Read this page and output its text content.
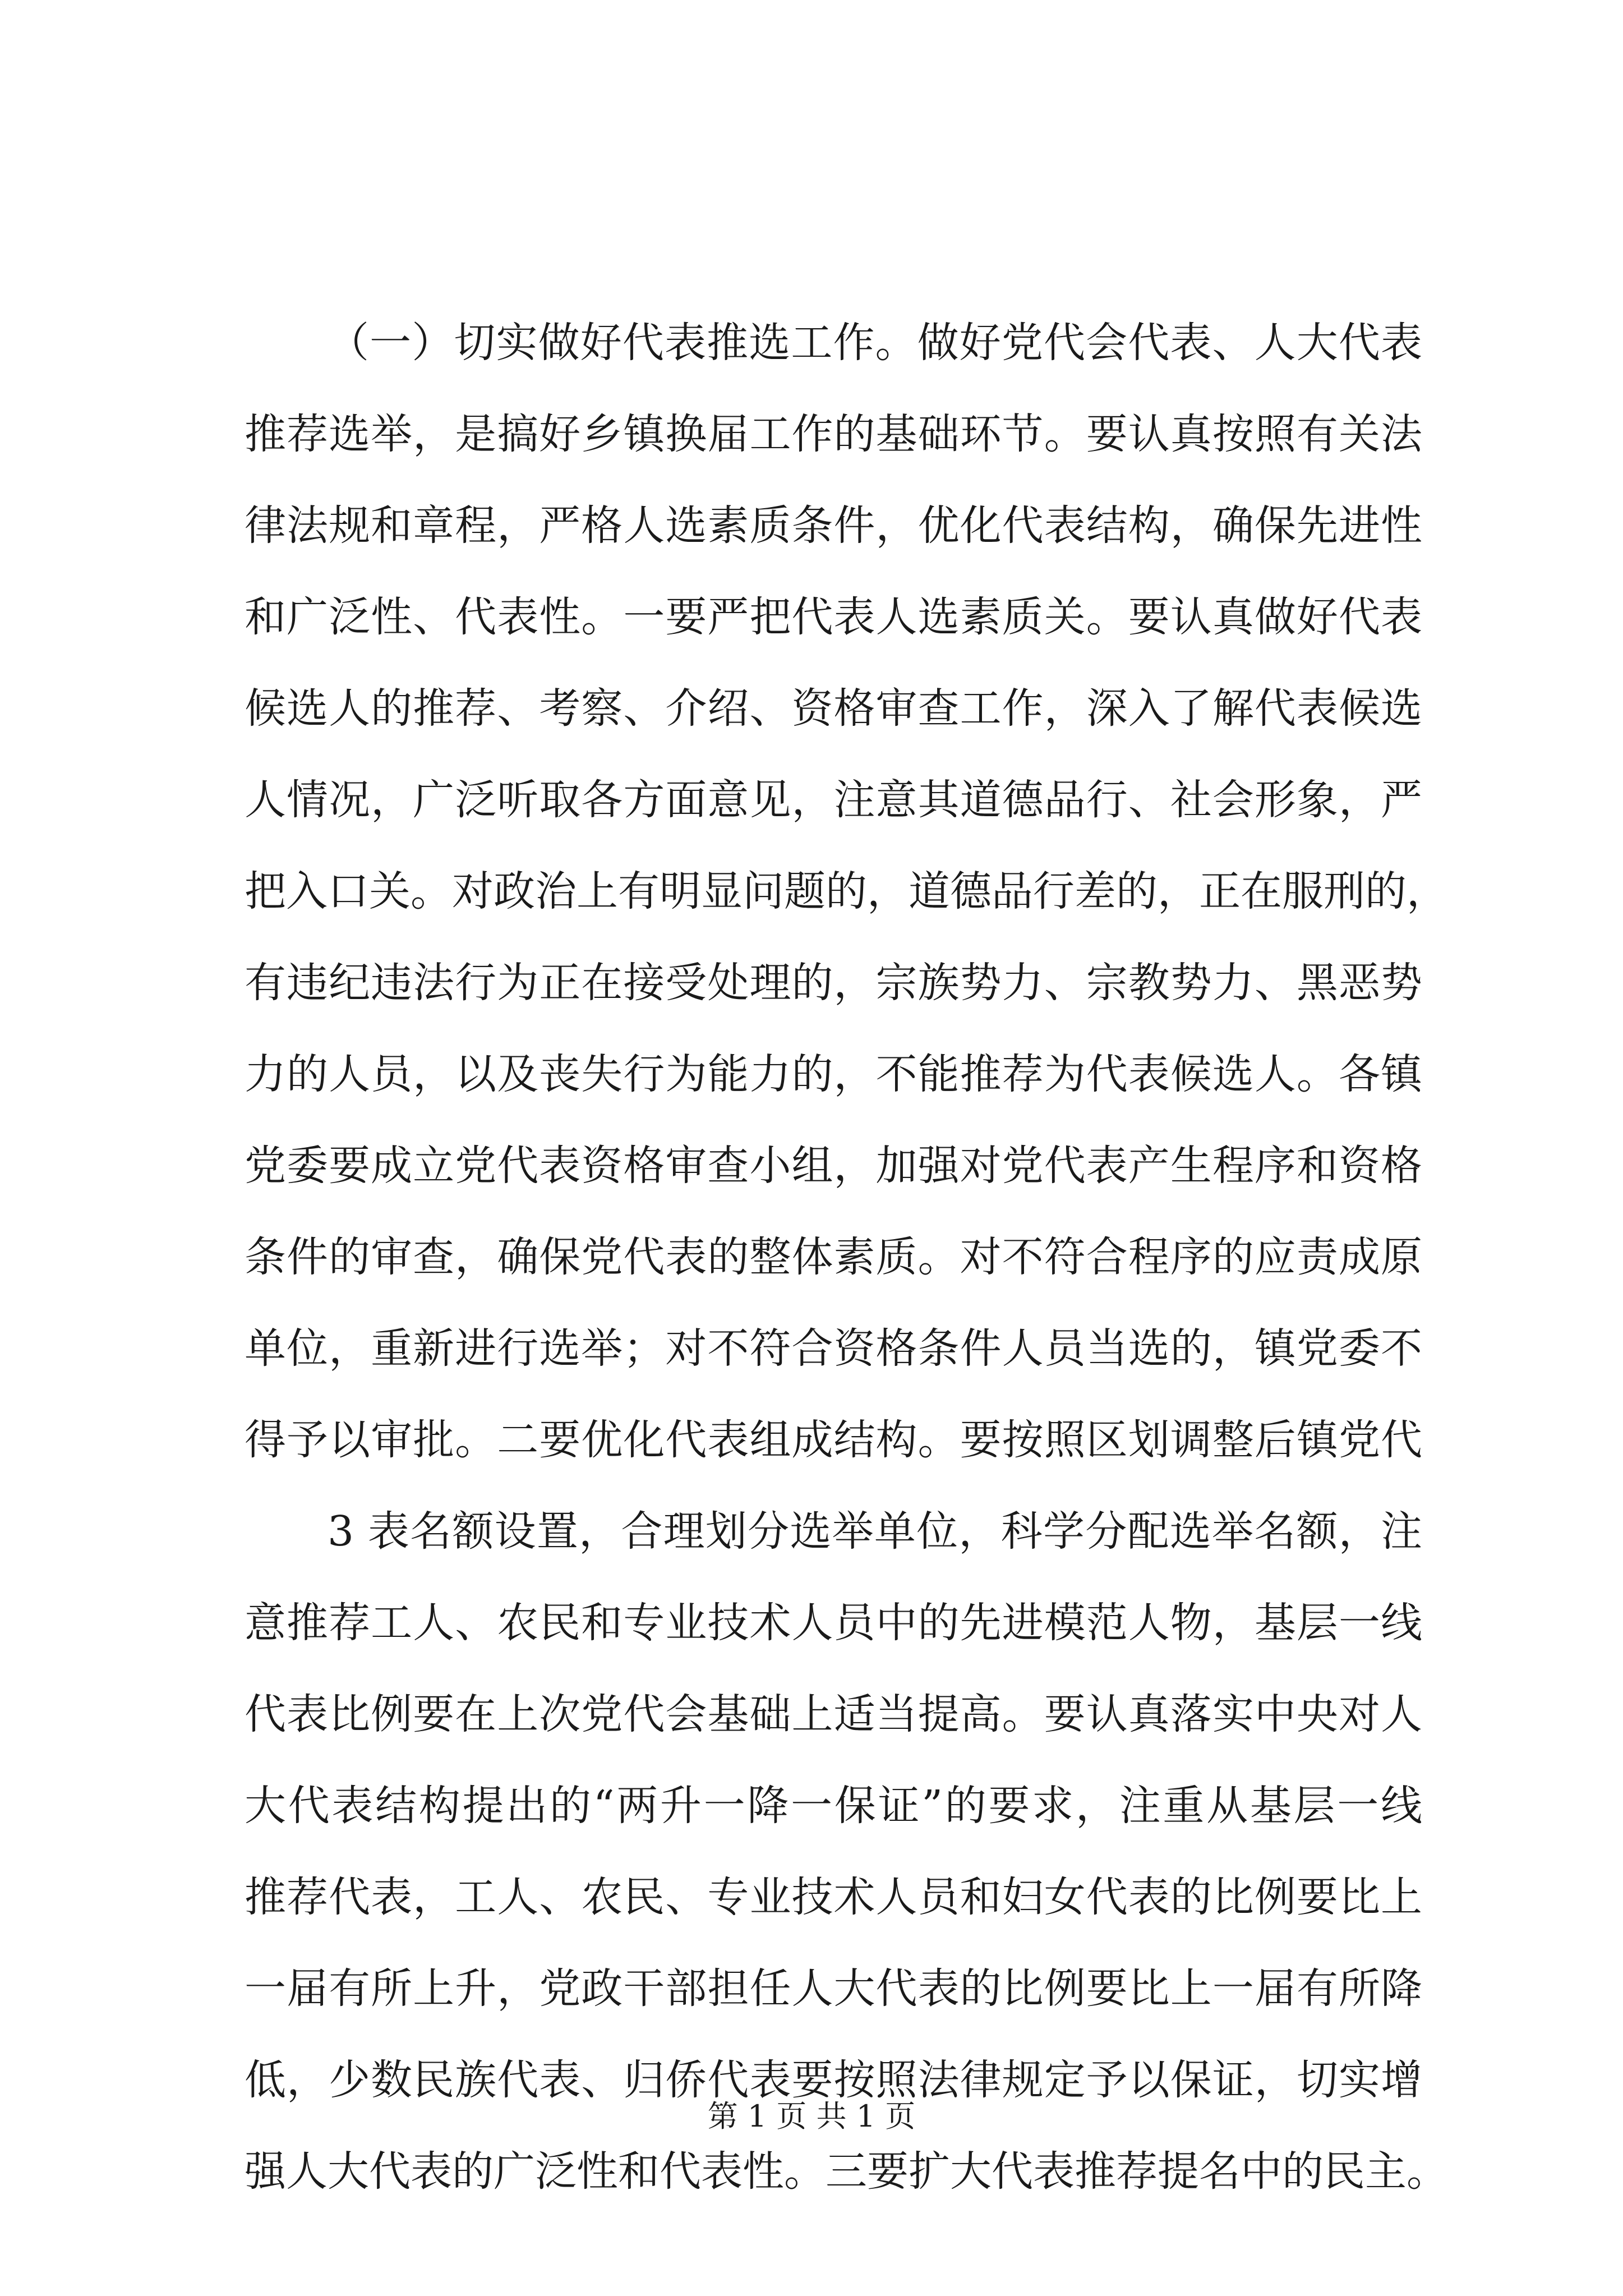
（一）切实做好代表推选工作。做好党代会代表、人大代表
推荐选举，是搞好乡镇换届工作的基础环节。要认真按照有关法
律法规和章程，严格人选素质条件，优化代表结构，确保先进性
和广泛性、代表性。一要严把代表人选素质关。要认真做好代表
候选人的推荐、考察、介绍、资格审查工作，深入了解代表候选
人情况，广泛听取各方面意见，注意其道德品行、社会形象，严
把入口关。对政治上有明显问题的，道德品行差的，正在服刑的，
有违纪违法行为正在接受处理的，宗族势力、宗教势力、黑恶势
力的人员，以及丧失行为能力的，不能推荐为代表候选人。各镇
党委要成立党代表资格审查小组，加强对党代表产生程序和资格
条件的审查，确保党代表的整体素质。对不符合程序的应责成原
单位，重新进行选举；对不符合资格条件人员当选的，镇党委不
得予以审批。二要优化代表组成结构。要按照区划调整后镇党代
3 表名额设置，合理划分选举单位，科学分配选举名额，注
意推荐工人、农民和专业技术人员中的先进模范人物，基层一线
代表比例要在上次党代会基础上适当提高。要认真落实中央对人
大代表结构提出的“两升一降一保证”的要求，注重从基层一线
推荐代表，工人、农民、专业技术人员和妇女代表的比例要比上
一届有所上升，党政干部担任人大代表的比例要比上一届有所降
低，少数民族代表、归侨代表要按照法律规定予以保证，切实增
强人大代表的广泛性和代表性。三要扩大代表推荐提名中的民主。
第 1 页 共 1 页
